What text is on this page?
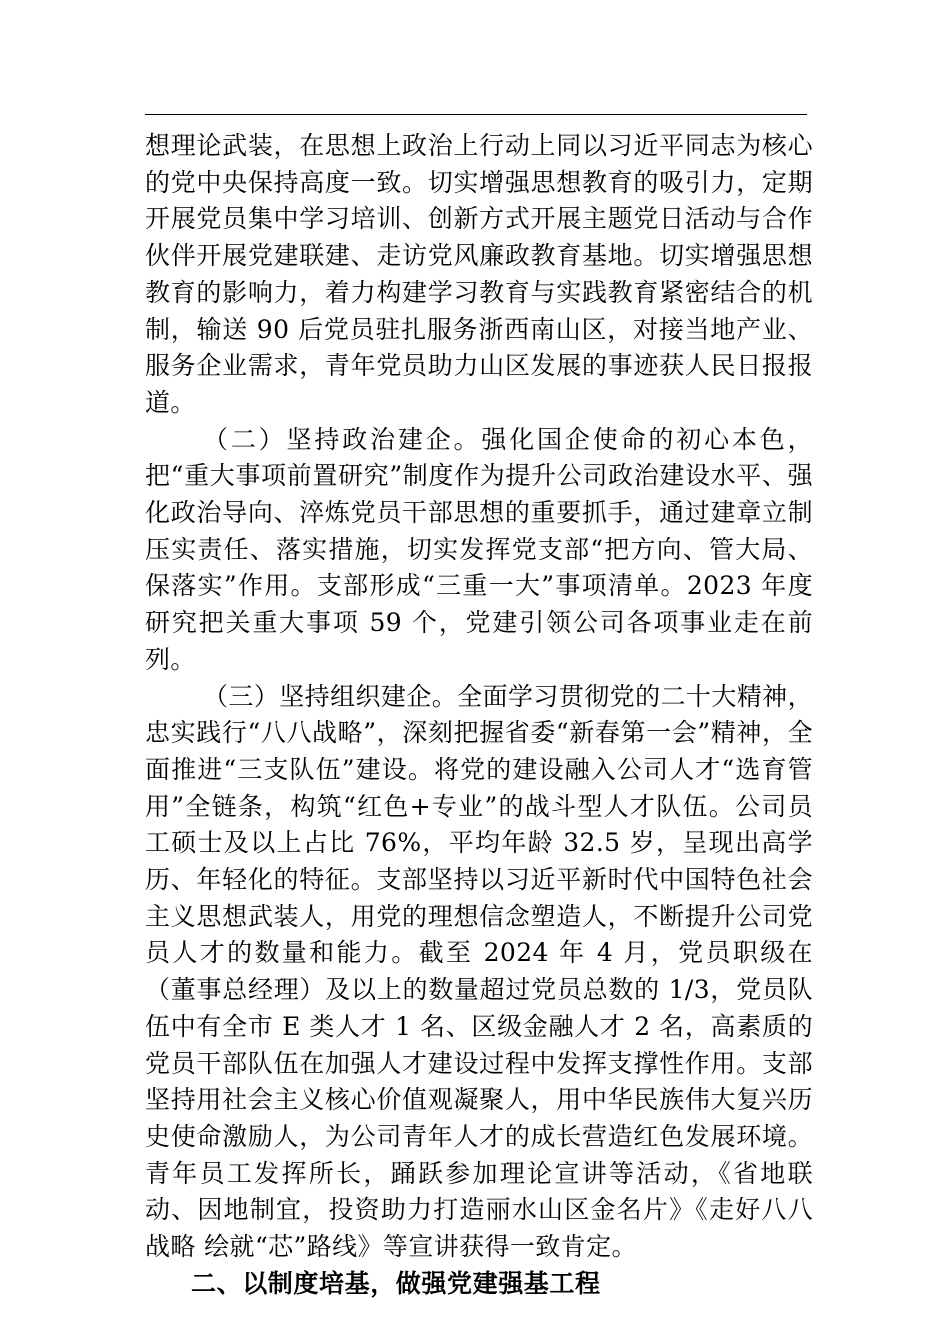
想理论武装，在思想上政治上行动上同以习近平同志为核心的党中央保持高度一致。切实增强思想教育的吸引力，定期开展党员集中学习培训、创新方式开展主题党日活动与合作伙伴开展党建联建、走访党风廉政教育基地。切实增强思想教育的影响力，着力构建学习教育与实践教育紧密结合的机制，输送 90 后党员驻扎服务浙西南山区，对接当地产业、服务企业需求，青年党员助力山区发展的事迹获人民日报报道。

（二）坚持政治建企。强化国企使命的初心本色，把“重大事项前置研究”制度作为提升公司政治建设水平、强化政治导向、淬炼党员干部思想的重要抓手，通过建章立制压实责任、落实措施，切实发挥党支部“把方向、管大局、保落实”作用。支部形成“三重一大”事项清单。2023 年度研究把关重大事项 59 个，党建引领公司各项事业走在前列。

（三）坚持组织建企。全面学习贯彻党的二十大精神，忠实践行“八八战略”，深刻把握省委“新春第一会”精神，全面推进“三支队伍”建设。将党的建设融入公司人才“选育管用”全链条，构筑“红色+专业”的战斗型人才队伍。公司员工硕士及以上占比 76%，平均年龄 32.5 岁，呈现出高学历、年轻化的特征。支部坚持以习近平新时代中国特色社会主义思想武装人，用党的理想信念塑造人，不断提升公司党员人才的数量和能力。截至 2024 年 4 月，党员职级在（董事总经理）及以上的数量超过党员总数的 1/3，党员队伍中有全市 E 类人才 1 名、区级金融人才 2 名，高素质的党员干部队伍在加强人才建设过程中发挥支撑性作用。支部坚持用社会主义核心价值观凝聚人，用中华民族伟大复兴历史使命激励人，为公司青年人才的成长营造红色发展环境。青年员工发挥所长，踊跃参加理论宣讲等活动，《省地联动、因地制宜，投资助力打造丽水山区金名片》《走好八八战略 绘就“芯”路线》等宣讲获得一致肯定。

二、以制度培基，做强党建强基工程
